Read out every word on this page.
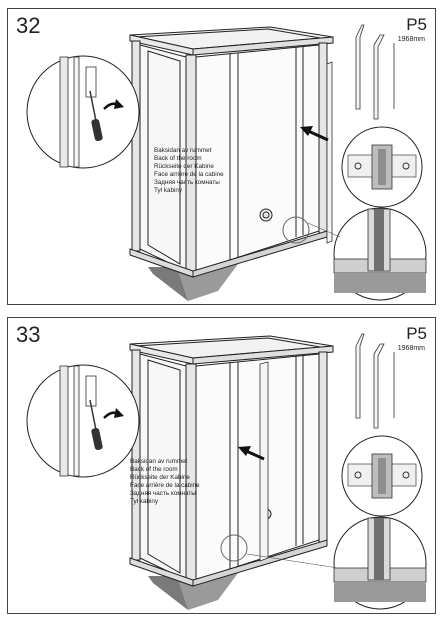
32	P5
1968mm
Baksidan av rummet
Back of the room
Rückseite der Kabine
Face arrière de la cabine
Задняя часть комнаты
Tył kabiny
33	P5
1968mm
Baksidan av rummet
Back of the room
Rückseite der Kabine
Face arrière de la cabine
Задняя часть комнаты
Tył kabiny
